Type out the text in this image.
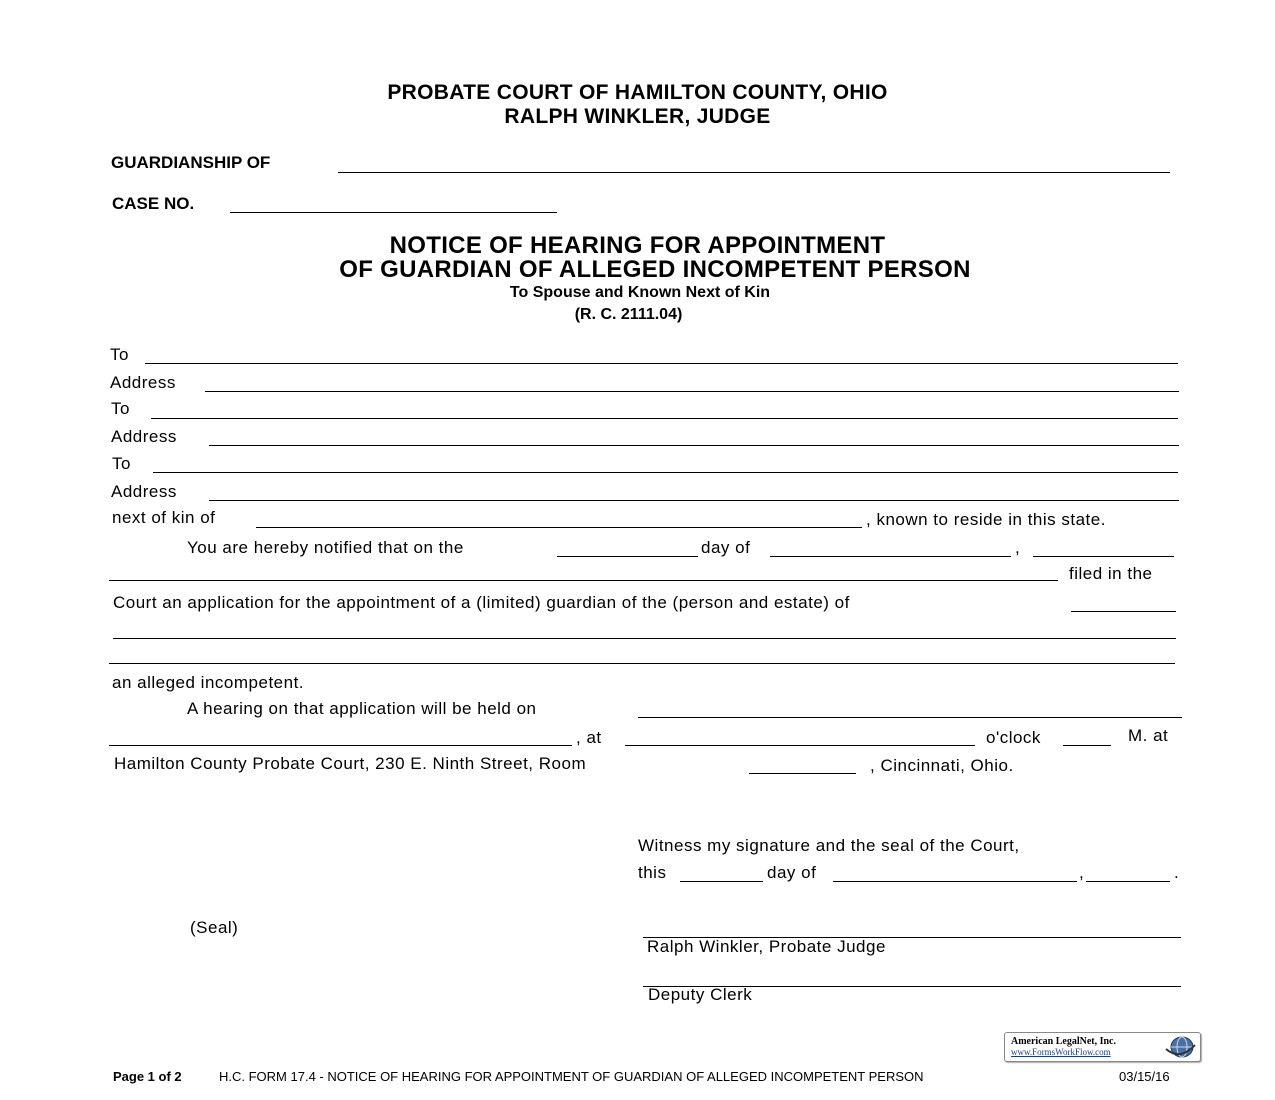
PROBATE COURT OF HAMILTON COUNTY, OHIO
RALPH WINKLER, JUDGE
GUARDIANSHIP OF
CASE NO.
NOTICE OF HEARING FOR APPOINTMENT
OF GUARDIAN OF ALLEGED INCOMPETENT PERSON
To Spouse and Known Next of Kin
(R. C. 2111.04)
To
Address
To
Address
To
Address
next of kin of	, known to reside in this state.
You are hereby notified that on the	day of	,
filed in the
Court an application for the appointment of a (limited) guardian of the (person and estate) of
an alleged incompetent.
A hearing on that application will be held on
, at	o'clock	M. at
Hamilton County Probate Court, 230 E. Ninth Street, Room	, Cincinnati, Ohio.
Witness my signature and the seal of the Court,
this	day of	,	.
(Seal)
Ralph Winkler, Probate Judge
Deputy Clerk
American LegalNet, Inc.
www.FormsWorkFlow.com
Page 1 of 2	H.C. FORM 17.4 - NOTICE OF HEARING FOR APPOINTMENT OF GUARDIAN OF ALLEGED INCOMPETENT PERSON	03/15/16
